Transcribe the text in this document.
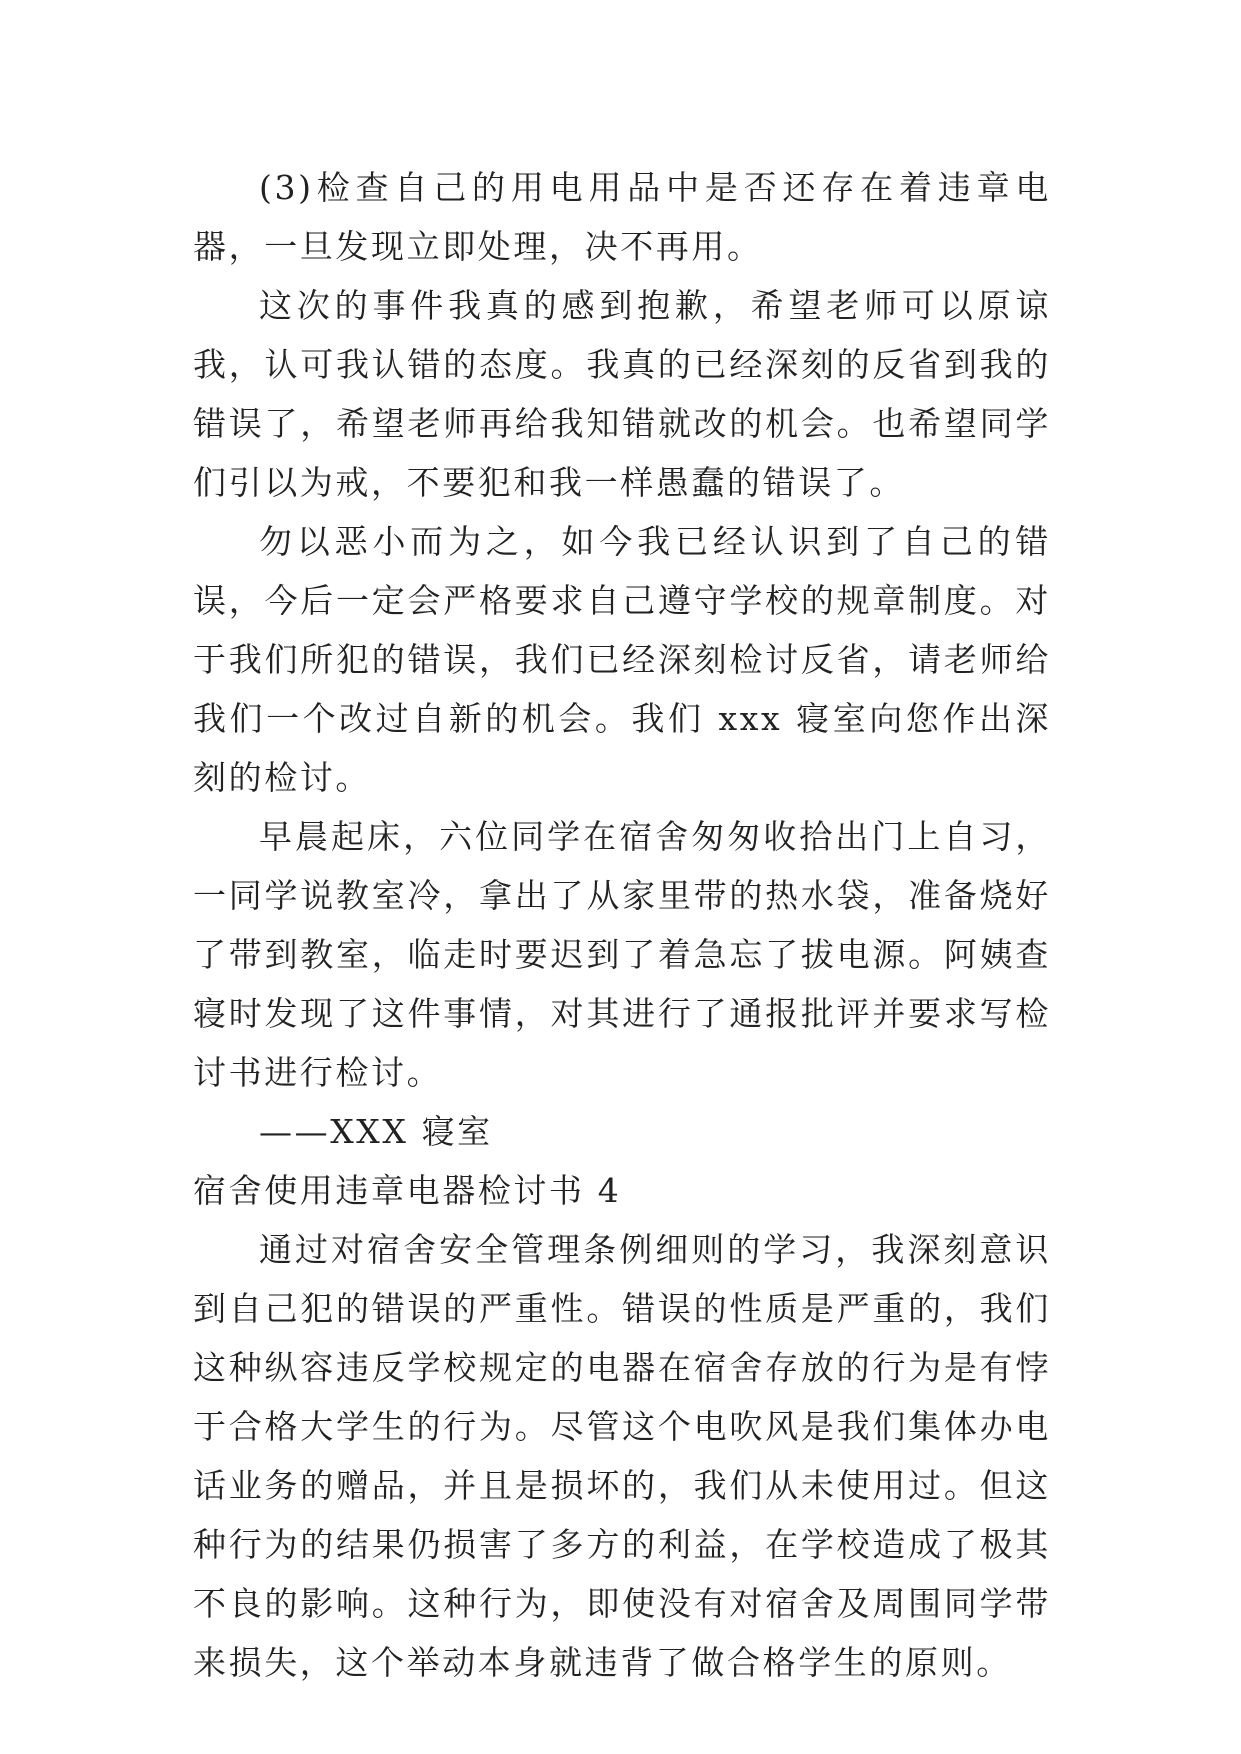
(3)检查自己的用电用品中是否还存在着违章电器，一旦发现立即处理，决不再用。

这次的事件我真的感到抱歉，希望老师可以原谅我，认可我认错的态度。我真的已经深刻的反省到我的错误了，希望老师再给我知错就改的机会。也希望同学们引以为戒，不要犯和我一样愚蠢的错误了。

勿以恶小而为之，如今我已经认识到了自己的错误，今后一定会严格要求自己遵守学校的规章制度。对于我们所犯的错误，我们已经深刻检讨反省，请老师给我们一个改过自新的机会。我们 xxx 寝室向您作出深刻的检讨。

早晨起床，六位同学在宿舍匆匆收拾出门上自习，一同学说教室冷，拿出了从家里带的热水袋，准备烧好了带到教室，临走时要迟到了着急忘了拔电源。阿姨查寝时发现了这件事情，对其进行了通报批评并要求写检讨书进行检讨。

——XXX 寝室

宿舍使用违章电器检讨书 4

通过对宿舍安全管理条例细则的学习，我深刻意识到自己犯的错误的严重性。错误的性质是严重的，我们这种纵容违反学校规定的电器在宿舍存放的行为是有悖于合格大学生的行为。尽管这个电吹风是我们集体办电话业务的赠品，并且是损坏的，我们从未使用过。但这种行为的结果仍损害了多方的利益，在学校造成了极其不良的影响。这种行为，即使没有对宿舍及周围同学带来损失，这个举动本身就违背了做合格学生的原则。
